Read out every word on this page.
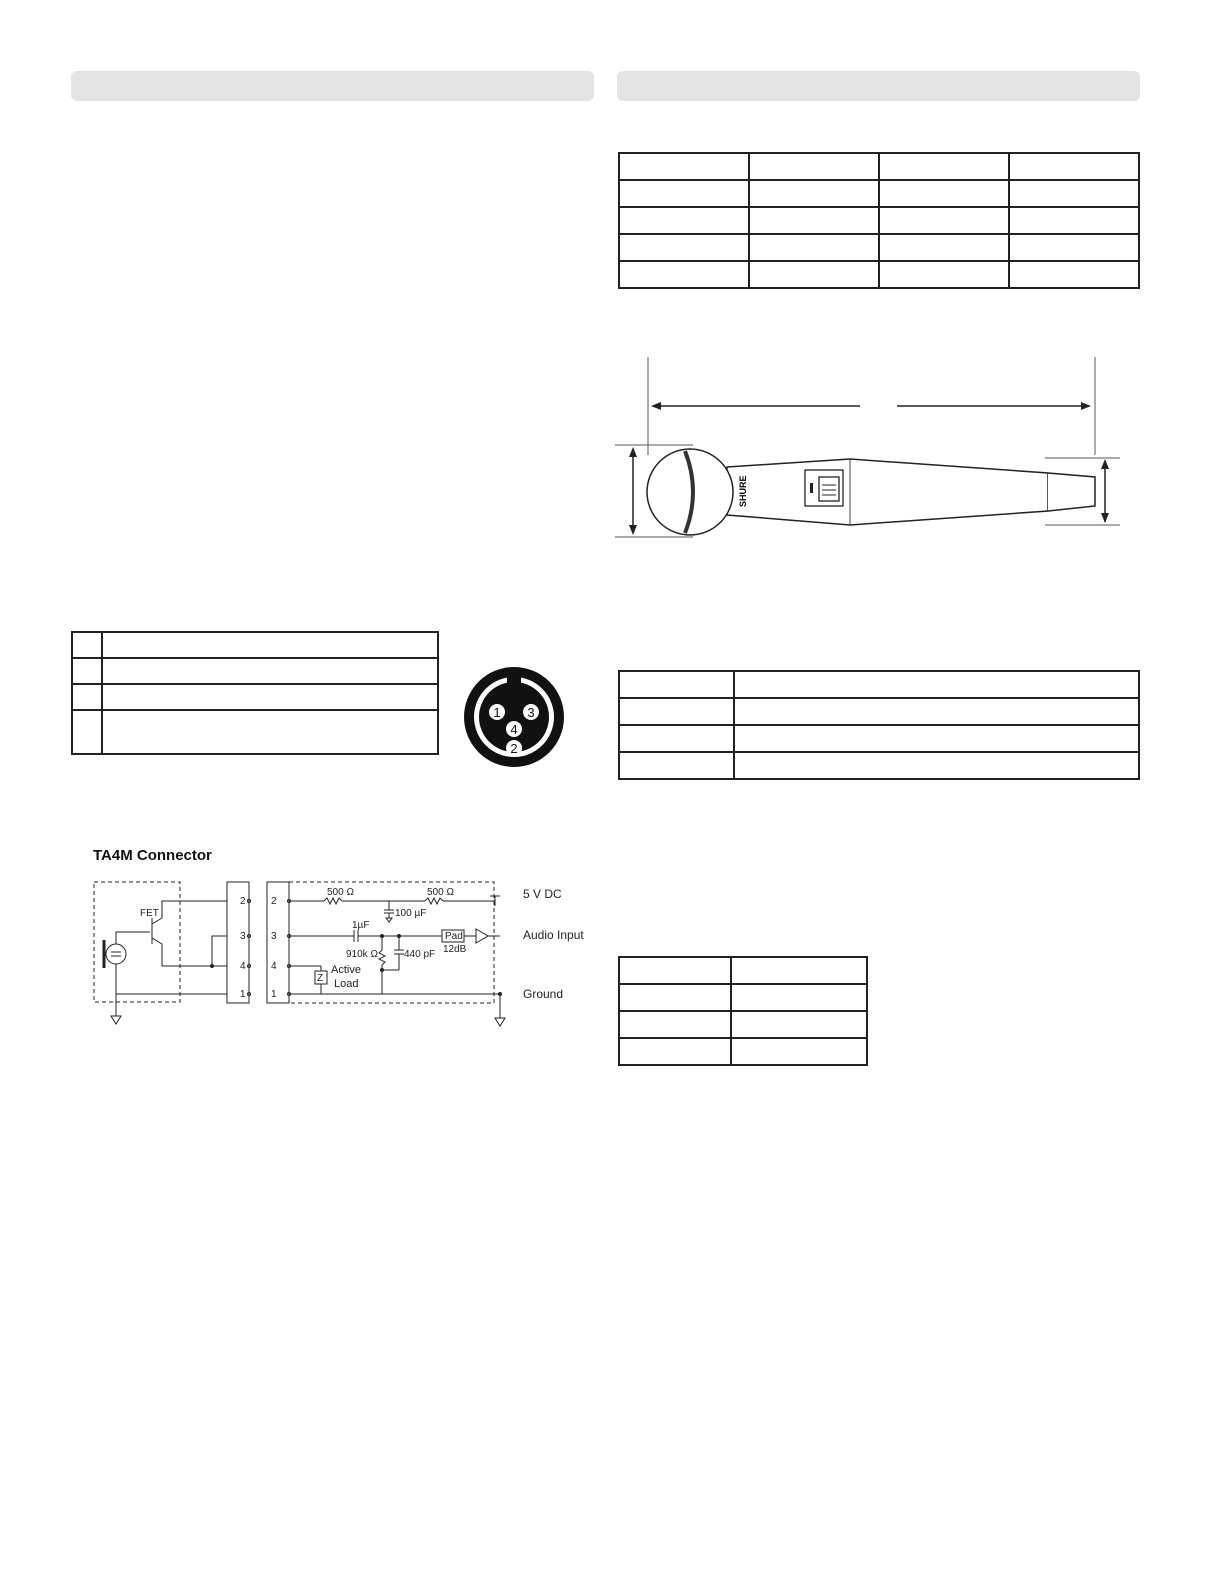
SHURE

1 3
4
2
TA4M Connector
FET
2
3
4
1
2
3
4
1
500 Ω	500 Ω
100 µF
1µF
910k Ω	440 pF
Pad
12dB
Z
Active
Load
5 V DC
Audio Input
Ground
